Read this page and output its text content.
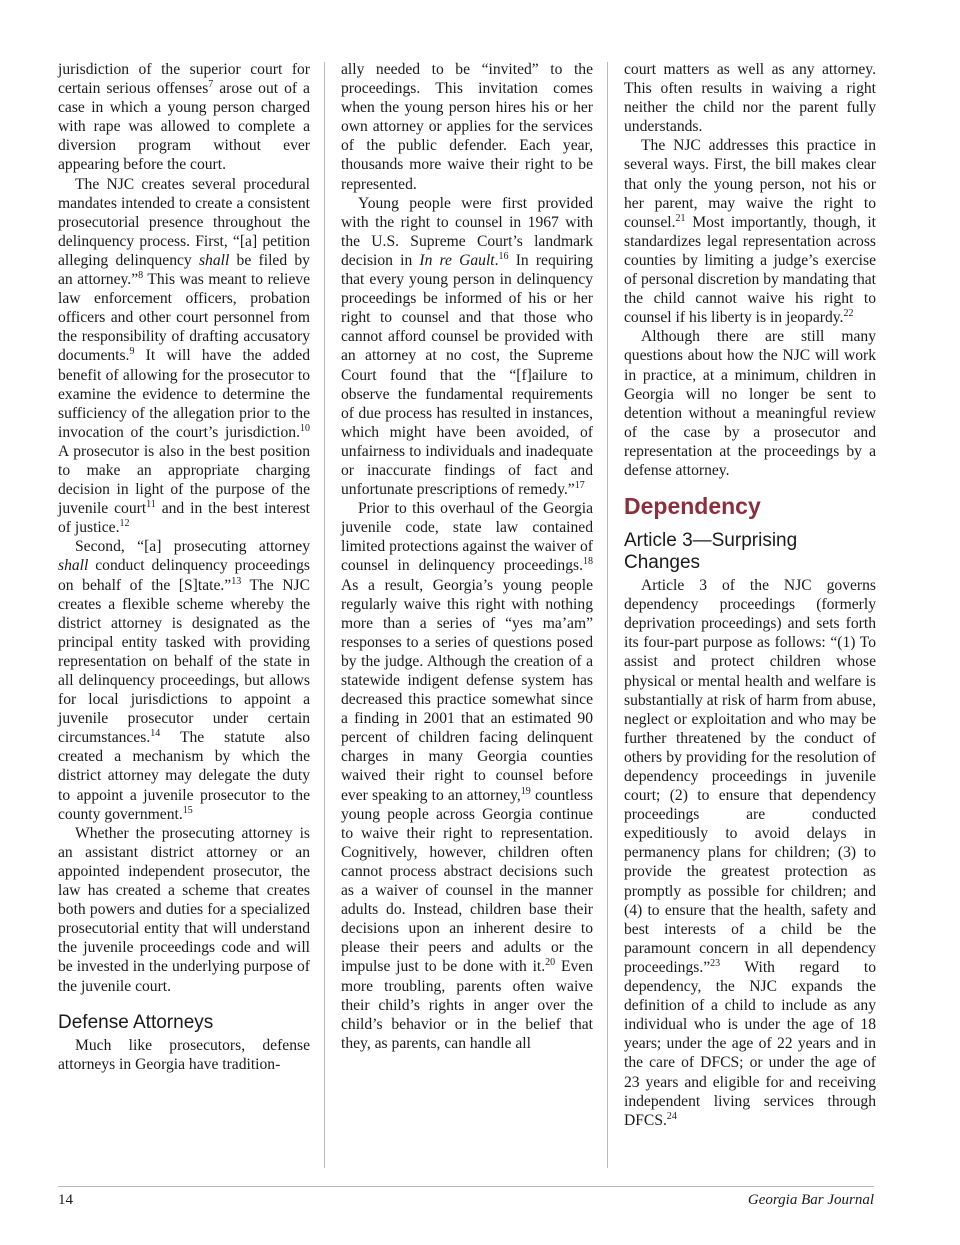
jurisdiction of the superior court for certain serious offenses$^7$ arose out of a case in which a young person charged with rape was allowed to complete a diversion program without ever appearing before the court.

The NJC creates several procedural mandates intended to create a consistent prosecutorial presence throughout the delinquency process. First, “[a] petition alleging delinquency shall be filed by an attorney.”$^8$ This was meant to relieve law enforcement officers, probation officers and other court personnel from the responsibility of drafting accusatory documents.$^9$ It will have the added benefit of allowing for the prosecutor to examine the evidence to determine the sufficiency of the allegation prior to the invocation of the court’s jurisdiction.$^{10}$ A prosecutor is also in the best position to make an appropriate charging decision in light of the purpose of the juvenile court$^{11}$ and in the best interest of justice.$^{12}$

Second, “[a] prosecuting attorney shall conduct delinquency proceedings on behalf of the [S]tate.”$^{13}$ The NJC creates a flexible scheme whereby the district attorney is designated as the principal entity tasked with providing representation on behalf of the state in all delinquency proceedings, but allows for local jurisdictions to appoint a juvenile prosecutor under certain circumstances.$^{14}$ The statute also created a mechanism by which the district attorney may delegate the duty to appoint a juvenile prosecutor to the county government.$^{15}$

Whether the prosecuting attorney is an assistant district attorney or an appointed independent prosecutor, the law has created a scheme that creates both powers and duties for a specialized prosecutorial entity that will understand the juvenile proceedings code and will be invested in the underlying purpose of the juvenile court.

Defense Attorneys

Much like prosecutors, defense attorneys in Georgia have tradition-

ally needed to be “invited” to the proceedings. This invitation comes when the young person hires his or her own attorney or applies for the services of the public defender. Each year, thousands more waive their right to be represented.

Young people were first provided with the right to counsel in 1967 with the U.S. Supreme Court’s landmark decision in In re Gault.$^{16}$ In requiring that every young person in delinquency proceedings be informed of his or her right to counsel and that those who cannot afford counsel be provided with an attorney at no cost, the Supreme Court found that the “[f]ailure to observe the fundamental requirements of due process has resulted in instances, which might have been avoided, of unfairness to individuals and inadequate or inaccurate findings of fact and unfortunate prescriptions of remedy.”$^{17}$

Prior to this overhaul of the Georgia juvenile code, state law contained limited protections against the waiver of counsel in delinquency proceedings.$^{18}$ As a result, Georgia’s young people regularly waive this right with nothing more than a series of “yes ma’am” responses to a series of questions posed by the judge. Although the creation of a statewide indigent defense system has decreased this practice somewhat since a finding in 2001 that an estimated 90 percent of children facing delinquent charges in many Georgia counties waived their right to counsel before ever speaking to an attorney,$^{19}$ countless young people across Georgia continue to waive their right to representation. Cognitively, however, children often cannot process abstract decisions such as a waiver of counsel in the manner adults do. Instead, children base their decisions upon an inherent desire to please their peers and adults or the impulse just to be done with it.$^{20}$ Even more troubling, parents often waive their child’s rights in anger over the child’s behavior or in the belief that they, as parents, can handle all

court matters as well as any attorney. This often results in waiving a right neither the child nor the parent fully understands.

The NJC addresses this practice in several ways. First, the bill makes clear that only the young person, not his or her parent, may waive the right to counsel.$^{21}$ Most importantly, though, it standardizes legal representation across counties by limiting a judge’s exercise of personal discretion by mandating that the child cannot waive his right to counsel if his liberty is in jeopardy.$^{22}$

Although there are still many questions about how the NJC will work in practice, at a minimum, children in Georgia will no longer be sent to detention without a meaningful review of the case by a prosecutor and representation at the proceedings by a defense attorney.

Dependency
Article 3—Surprising Changes

Article 3 of the NJC governs dependency proceedings (formerly deprivation proceedings) and sets forth its four-part purpose as follows: “(1) To assist and protect children whose physical or mental health and welfare is substantially at risk of harm from abuse, neglect or exploitation and who may be further threatened by the conduct of others by providing for the resolution of dependency proceedings in juvenile court; (2) to ensure that dependency proceedings are conducted expeditiously to avoid delays in permanency plans for children; (3) to provide the greatest protection as promptly as possible for children; and (4) to ensure that the health, safety and best interests of a child be the paramount concern in all dependency proceedings.”$^{23}$ With regard to dependency, the NJC expands the definition of a child to include as any individual who is under the age of 18 years; under the age of 22 years and in the care of DFCS; or under the age of 23 years and eligible for and receiving independent living services through DFCS.$^{24}$

14	Georgia Bar Journal
